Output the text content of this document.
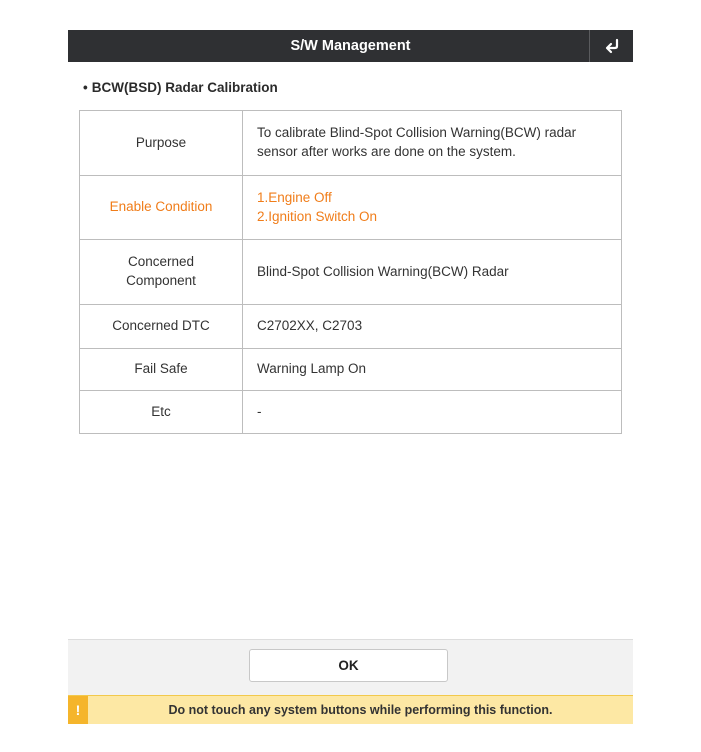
S/W Management
• BCW(BSD) Radar Calibration
Purpose	To calibrate Blind-Spot Collision Warning(BCW) radar sensor after works are done on the system.
Enable Condition	1.Engine Off
2.Ignition Switch On

Concerned
Component	Blind-Spot Collision Warning(BCW) Radar
Concerned DTC	C2702XX, C2703
Fail Safe	Warning Lamp On
Etc	-
OK
!	Do not touch any system buttons while performing this function.
